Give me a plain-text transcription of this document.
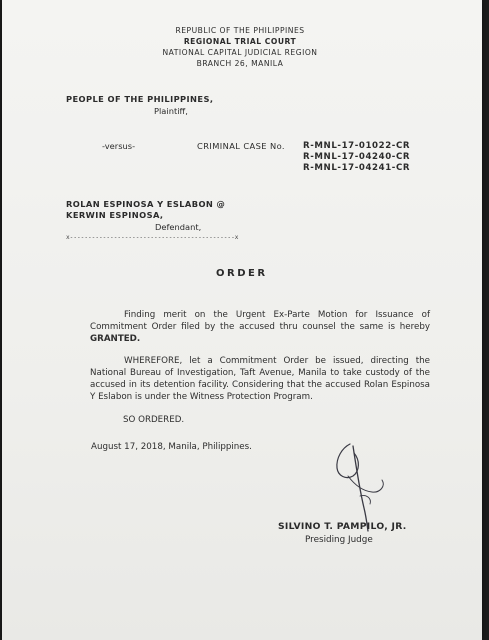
REPUBLIC OF THE PHILIPPINES
REGIONAL TRIAL COURT
NATIONAL CAPITAL JUDICIAL REGION
BRANCH 26, MANILA
PEOPLE OF THE PHILIPPINES,
Plaintiff,
-versus-	CRIMINAL CASE No. R-MNL-17-01022-CR
R-MNL-17-04240-CR
R-MNL-17-04241-CR
ROLAN ESPINOSA Y ESLABON @
KERWIN ESPINOSA,
Defendant,
x---------------------------------------------x
ORDER
Finding merit on the Urgent Ex-Parte Motion for Issuance of Commitment Order filed by the accused thru counsel the same is hereby GRANTED.
WHEREFORE, let a Commitment Order be issued, directing the National Bureau of Investigation, Taft Avenue, Manila to take custody of the accused in its detention facility. Considering that the accused Rolan Espinosa Y Eslabon is under the Witness Protection Program.
SO ORDERED.
August 17, 2018, Manila, Philippines.
SILVINO T. PAMPILO, JR.
Presiding Judge
